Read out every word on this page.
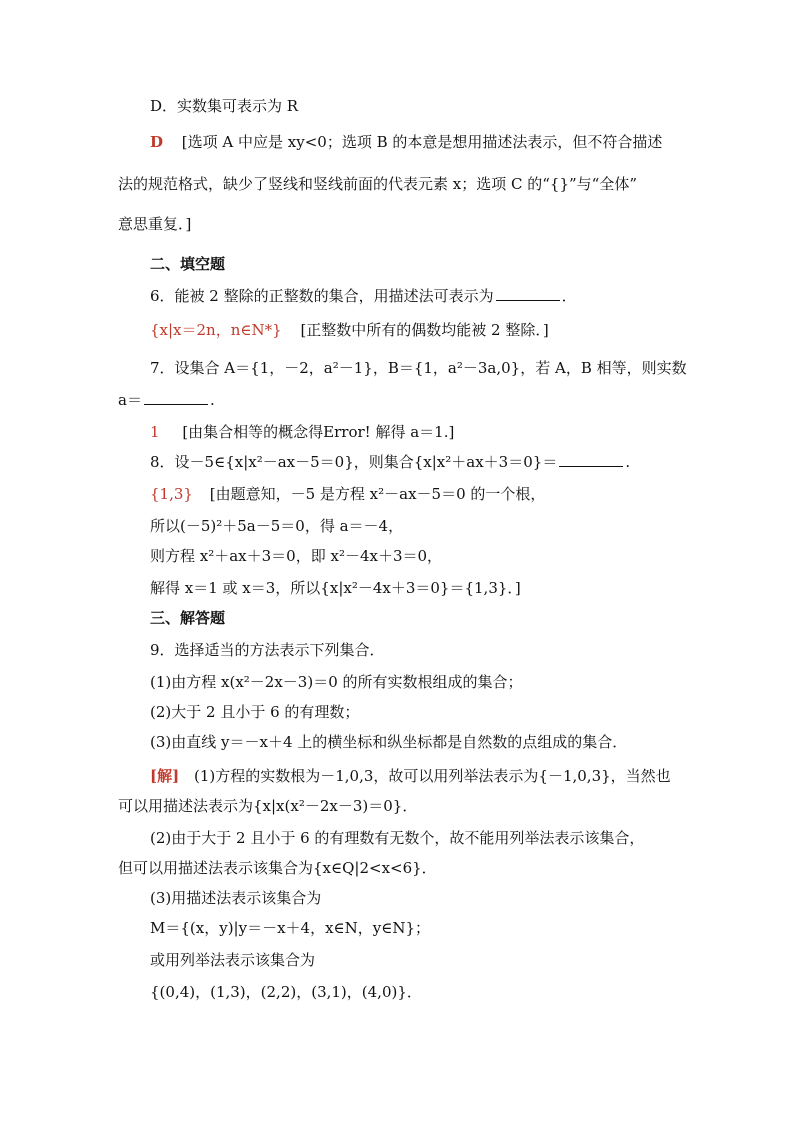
D．实数集可表示为 R
D [选项 A 中应是 xy<0；选项 B 的本意是想用描述法表示，但不符合描述
法的规范格式，缺少了竖线和竖线前面的代表元素 x；选项 C 的“{}”与“全体”
意思重复．]
二、填空题
6．能被 2 整除的正整数的集合，用描述法可表示为	．
{x|x＝2n，n∈N*} [正整数中所有的偶数均能被 2 整除．]
7．设集合 A＝{1，－2，a²－1}，B＝{1，a²－3a,0}，若 A，B 相等，则实数
a＝	.
1 [由集合相等的概念得Error! 解得 a＝1.]
8．设－5∈{x|x²－ax－5＝0}，则集合{x|x²＋ax＋3＝0}＝	.
{1,3} [由题意知，－5 是方程 x²－ax－5＝0 的一个根，
所以(－5)²＋5a－5＝0，得 a＝－4，
则方程 x²＋ax＋3＝0，即 x²－4x＋3＝0，
解得 x＝1 或 x＝3，所以{x|x²－4x＋3＝0}＝{1,3}．]
三、解答题
9．选择适当的方法表示下列集合．
(1)由方程 x(x²－2x－3)＝0 的所有实数根组成的集合；
(2)大于 2 且小于 6 的有理数；
(3)由直线 y＝－x＋4 上的横坐标和纵坐标都是自然数的点组成的集合．
[解] (1)方程的实数根为－1,0,3，故可以用列举法表示为{－1,0,3}，当然也
可以用描述法表示为{x|x(x²－2x－3)＝0}．
(2)由于大于 2 且小于 6 的有理数有无数个，故不能用列举法表示该集合，
但可以用描述法表示该集合为{x∈Q|2<x<6}．
(3)用描述法表示该集合为
M＝{(x，y)|y＝－x＋4，x∈N，y∈N}；
或用列举法表示该集合为
{(0,4)，(1,3)，(2,2)，(3,1)，(4,0)}．
